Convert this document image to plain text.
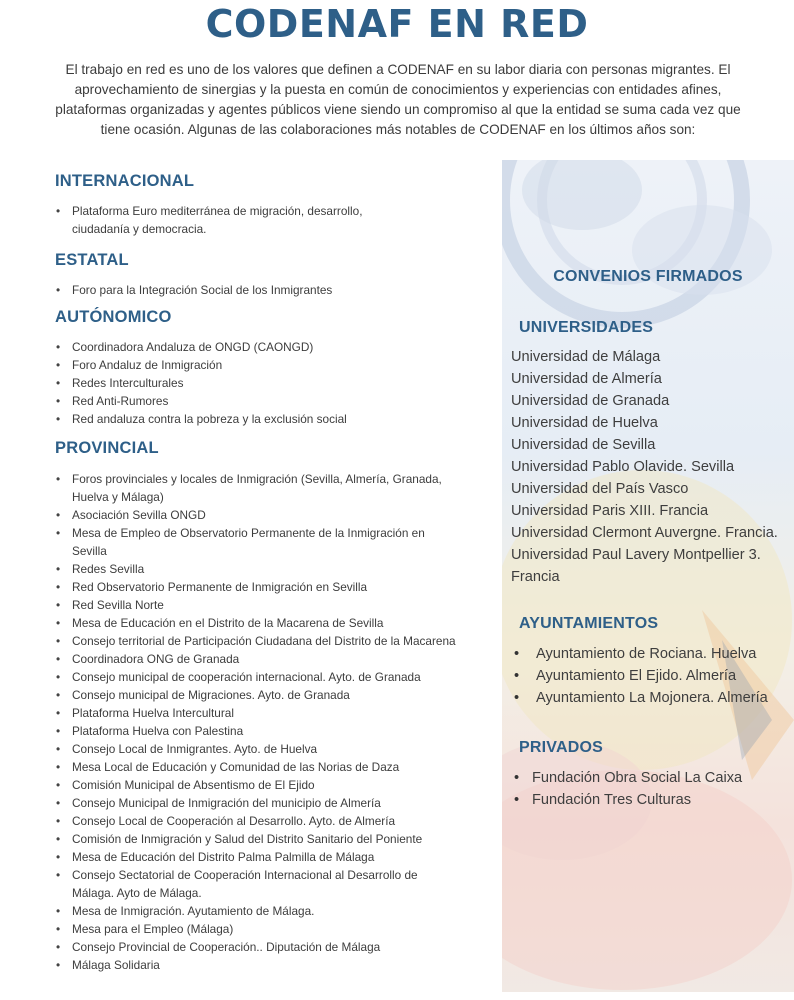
CODENAF EN RED

El trabajo en red es uno de los valores que definen a CODENAF en su labor diaria con personas migrantes. El aprovechamiento de sinergias y la puesta en común de conocimientos y experiencias con entidades afines, plataformas organizadas y agentes públicos viene siendo un compromiso al que la entidad se suma cada vez que tiene ocasión. Algunas de las colaboraciones más notables de CODENAF en los últimos años son:

INTERNACIONAL
• Plataforma Euro mediterránea de migración, desarrollo, ciudadanía y democracia.
ESTATAL
• Foro para la Integración Social de los Inmigrantes
AUTÓNOMICO
• Coordinadora Andaluza de ONGD (CAONGD)
• Foro Andaluz de Inmigración
• Redes Interculturales
• Red Anti-Rumores
• Red andaluza contra la pobreza y la exclusión social
PROVINCIAL
• Foros provinciales y locales de Inmigración (Sevilla, Almería, Granada, Huelva y Málaga)
• Asociación Sevilla ONGD
• Mesa de Empleo de Observatorio Permanente de la Inmigración en Sevilla
• Redes Sevilla
• Red Observatorio Permanente de Inmigración en Sevilla
• Red Sevilla Norte
• Mesa de Educación en el Distrito de la Macarena de Sevilla
• Consejo territorial de Participación Ciudadana del Distrito de la Macarena
• Coordinadora ONG de Granada
• Consejo municipal de cooperación internacional. Ayto. de Granada
• Consejo municipal de Migraciones. Ayto. de Granada
• Plataforma Huelva Intercultural
• Plataforma Huelva con Palestina
• Consejo Local de Inmigrantes. Ayto. de Huelva
• Mesa Local de Educación y Comunidad de las Norias de Daza
• Comisión Municipal de Absentismo de El Ejido
• Consejo Municipal de Inmigración del municipio de Almería
• Consejo Local de Cooperación al Desarrollo. Ayto. de Almería
• Comisión de Inmigración y Salud del Distrito Sanitario del Poniente
• Mesa de Educación del Distrito Palma Palmilla de Málaga
• Consejo Sectatorial de Cooperación Internacional al Desarrollo de Málaga. Ayto de Málaga.
• Mesa de Inmigración. Ayutamiento de Málaga.
• Mesa para el Empleo (Málaga)
• Consejo Provincial de Cooperación.. Diputación de Málaga
• Málaga Solidaria
CONVENIOS FIRMADOS
UNIVERSIDADES
Universidad de Málaga
Universidad de Almería
Universidad de Granada
Universidad de Huelva
Universidad de Sevilla
Universidad Pablo Olavide. Sevilla
Universidad del País Vasco
Universidad Paris XIII. Francia
Universidad Clermont Auvergne. Francia.
Universidad Paul Lavery Montpellier 3. Francia
AYUNTAMIENTOS
• Ayuntamiento de Rociana. Huelva
• Ayuntamiento El Ejido. Almería
• Ayuntamiento La Mojonera. Almería
PRIVADOS
• Fundación Obra Social La Caixa
• Fundación Tres Culturas
